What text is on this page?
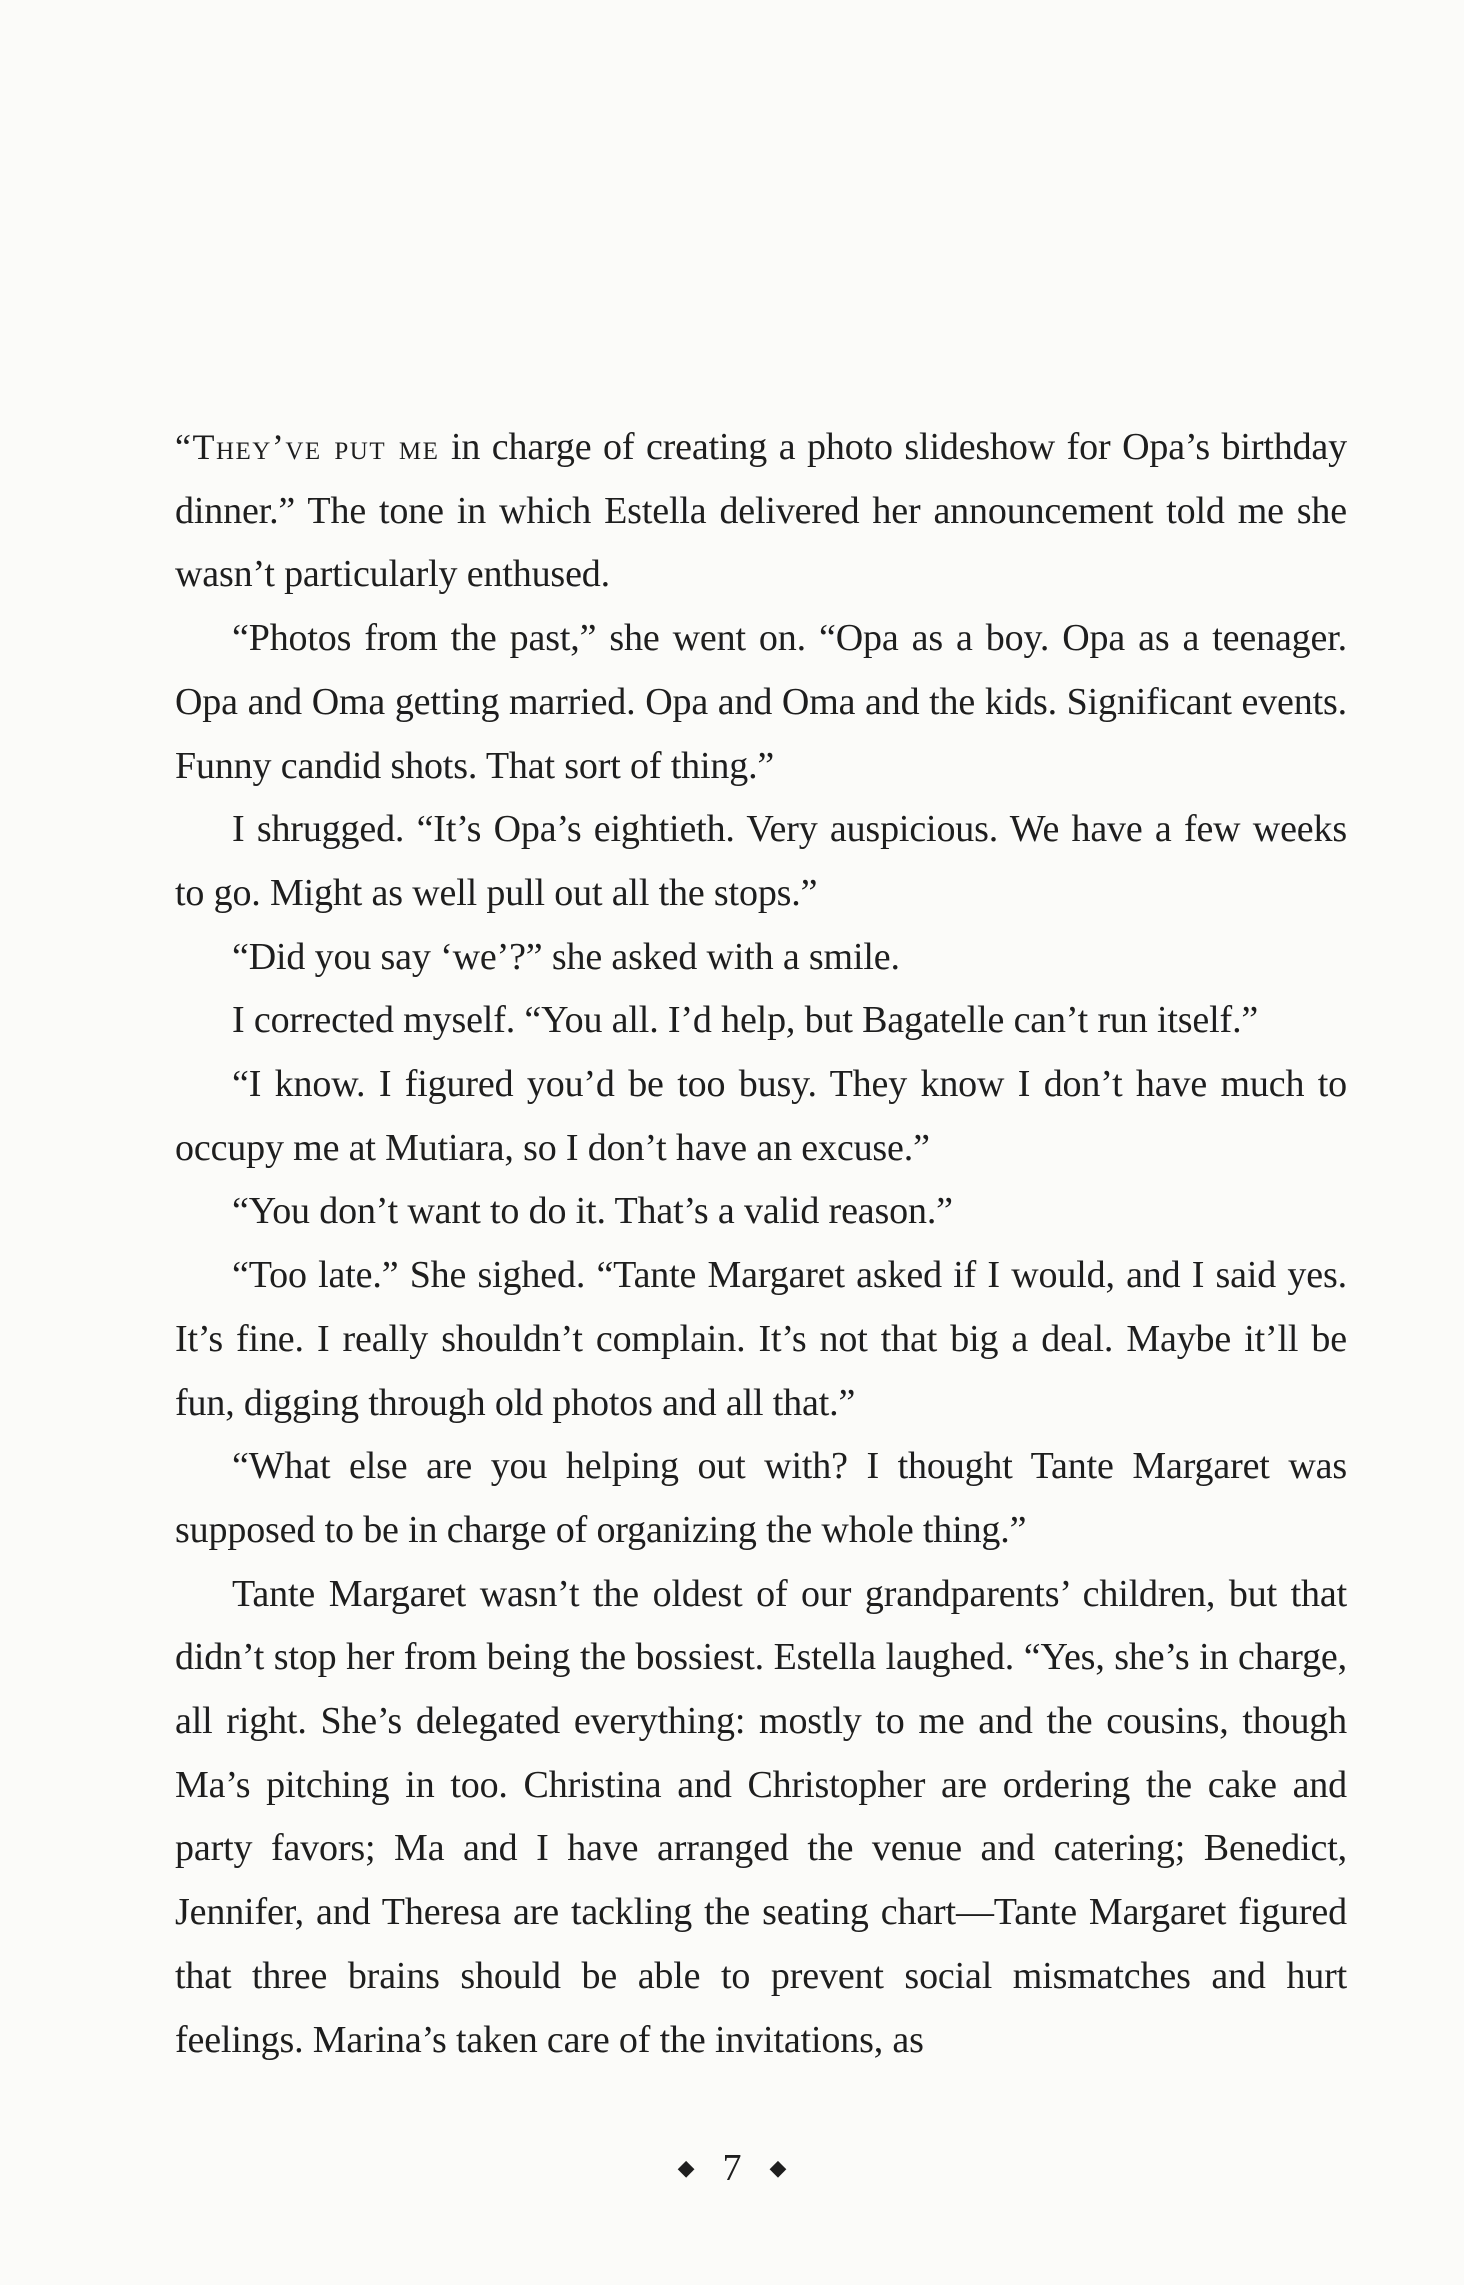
“They’ve put me in charge of creating a photo slideshow for Opa’s birthday dinner.” The tone in which Estella delivered her announcement told me she wasn’t particularly enthused.

“Photos from the past,” she went on. “Opa as a boy. Opa as a teenager. Opa and Oma getting married. Opa and Oma and the kids. Significant events. Funny candid shots. That sort of thing.”

I shrugged. “It’s Opa’s eightieth. Very auspicious. We have a few weeks to go. Might as well pull out all the stops.”

“Did you say ‘we’?” she asked with a smile.

I corrected myself. “You all. I’d help, but Bagatelle can’t run itself.”

“I know. I figured you’d be too busy. They know I don’t have much to occupy me at Mutiara, so I don’t have an excuse.”

“You don’t want to do it. That’s a valid reason.”

“Too late.” She sighed. “Tante Margaret asked if I would, and I said yes. It’s fine. I really shouldn’t complain. It’s not that big a deal. Maybe it’ll be fun, digging through old photos and all that.”

“What else are you helping out with? I thought Tante Margaret was supposed to be in charge of organizing the whole thing.”

Tante Margaret wasn’t the oldest of our grandparents’ children, but that didn’t stop her from being the bossiest. Estella laughed. “Yes, she’s in charge, all right. She’s delegated everything: mostly to me and the cousins, though Ma’s pitching in too. Christina and Christopher are ordering the cake and party favors; Ma and I have arranged the venue and catering; Benedict, Jennifer, and Theresa are tackling the seating chart—Tante Margaret figured that three brains should be able to prevent social mismatches and hurt feelings. Marina’s taken care of the invitations, as

◆ 7 ◆
